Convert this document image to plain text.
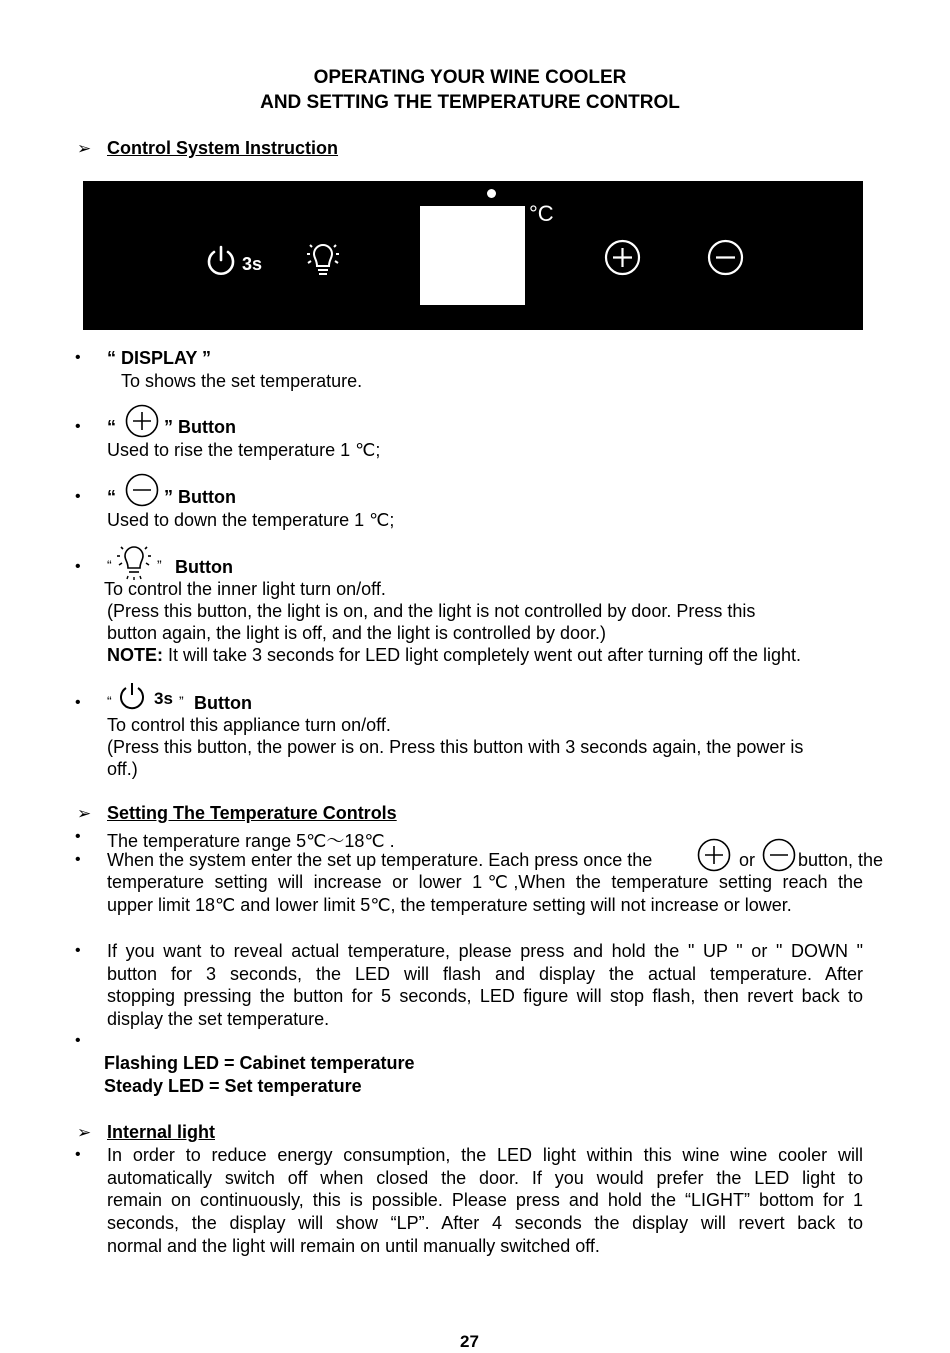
OPERATING YOUR WINE COOLER
AND SETTING THE TEMPERATURE CONTROL
➢ Control System Instruction
3s
°C
• “ DISPLAY ”
To shows the set temperature.
• “	” Button
Used to rise the temperature 1 ℃;
• “	” Button
Used to down the temperature 1 ℃;
• “	” Button
To control the inner light turn on/off.
(Press this button, the light is on, and the light is not controlled by door. Press this
button again, the light is off, and the light is controlled by door.)
NOTE: It will take 3 seconds for LED light completely went out after turning off the light.
• “ 3s ” Button
To control this appliance turn on/off.
(Press this button, the power is on. Press this button with 3 seconds again, the power is
off.)
➢ Setting The Temperature Controls
• The temperature range 5℃～18℃ .
• When the system enter the set up temperature. Each press once the	or button, the
temperature setting will increase or lower 1℃,When the temperature setting reach the
upper limit 18℃ and lower limit 5℃, the temperature setting will not increase or lower.
• If you want to reveal actual temperature, please press and hold the " UP " or " DOWN "
button for 3 seconds, the LED will flash and display the actual temperature. After
stopping pressing the button for 5 seconds, LED figure will stop flash, then revert back to
display the set temperature.
•
Flashing LED = Cabinet temperature
Steady LED = Set temperature
➢ Internal light
• In order to reduce energy consumption, the LED light within this wine wine cooler will
automatically switch off when closed the door. If you would prefer the LED light to
remain on continuously, this is possible. Please press and hold the “LIGHT” bottom for 1
seconds, the display will show “LP”. After 4 seconds the display will revert back to
normal and the light will remain on until manually switched off.
27
